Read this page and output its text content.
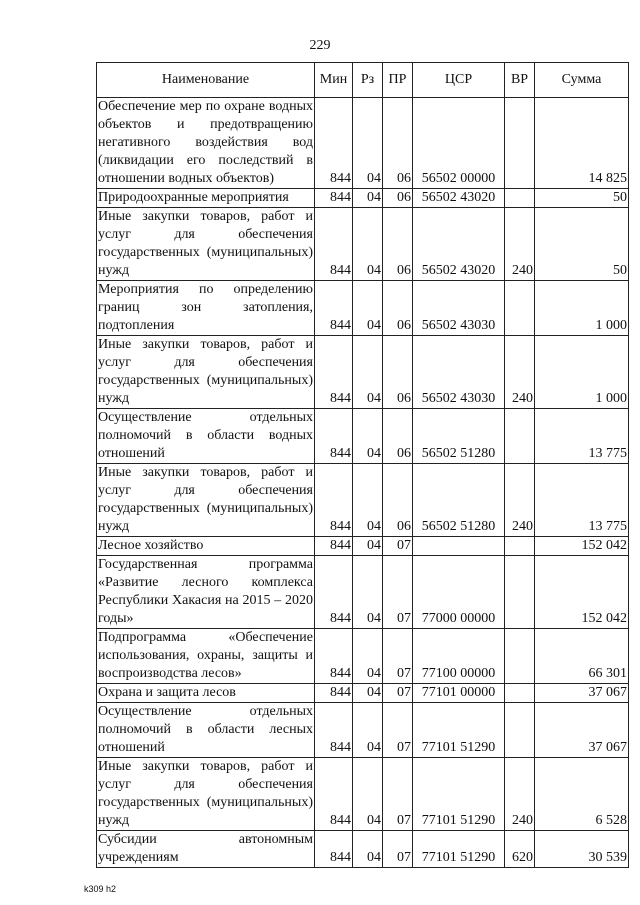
229
Наименование	Мин	Рз	ПР	ЦСР	ВР	Сумма
Обеспечение мер по охране водных объектов и предотвращению негативного воздействия вод (ликвидации его последствий в отношении водных объектов)	844	04	06	56502 00000		14 825
Природоохранные мероприятия	844	04	06	56502 43020		50
Иные закупки товаров, работ и услуг для обеспечения государственных (муниципальных) нужд	844	04	06	56502 43020	240	50
Мероприятия по определению границ зон затопления, подтопления	844	04	06	56502 43030		1 000
Иные закупки товаров, работ и услуг для обеспечения государственных (муниципальных) нужд	844	04	06	56502 43030	240	1 000
Осуществление отдельных полномочий в области водных отношений	844	04	06	56502 51280		13 775
Иные закупки товаров, работ и услуг для обеспечения государственных (муниципальных) нужд	844	04	06	56502 51280	240	13 775
Лесное хозяйство	844	04	07			152 042
Государственная программа «Развитие лесного комплекса Республики Хакасия на 2015 – 2020 годы»	844	04	07	77000 00000		152 042
Подпрограмма «Обеспечение использования, охраны, защиты и воспроизводства лесов»	844	04	07	77100 00000		66 301
Охрана и защита лесов	844	04	07	77101 00000		37 067
Осуществление отдельных полномочий в области лесных отношений	844	04	07	77101 51290		37 067
Иные закупки товаров, работ и услуг для обеспечения государственных (муниципальных) нужд	844	04	07	77101 51290	240	6 528
Субсидии автономным учреждениям	844	04	07	77101 51290	620	30 539
k309 h2
